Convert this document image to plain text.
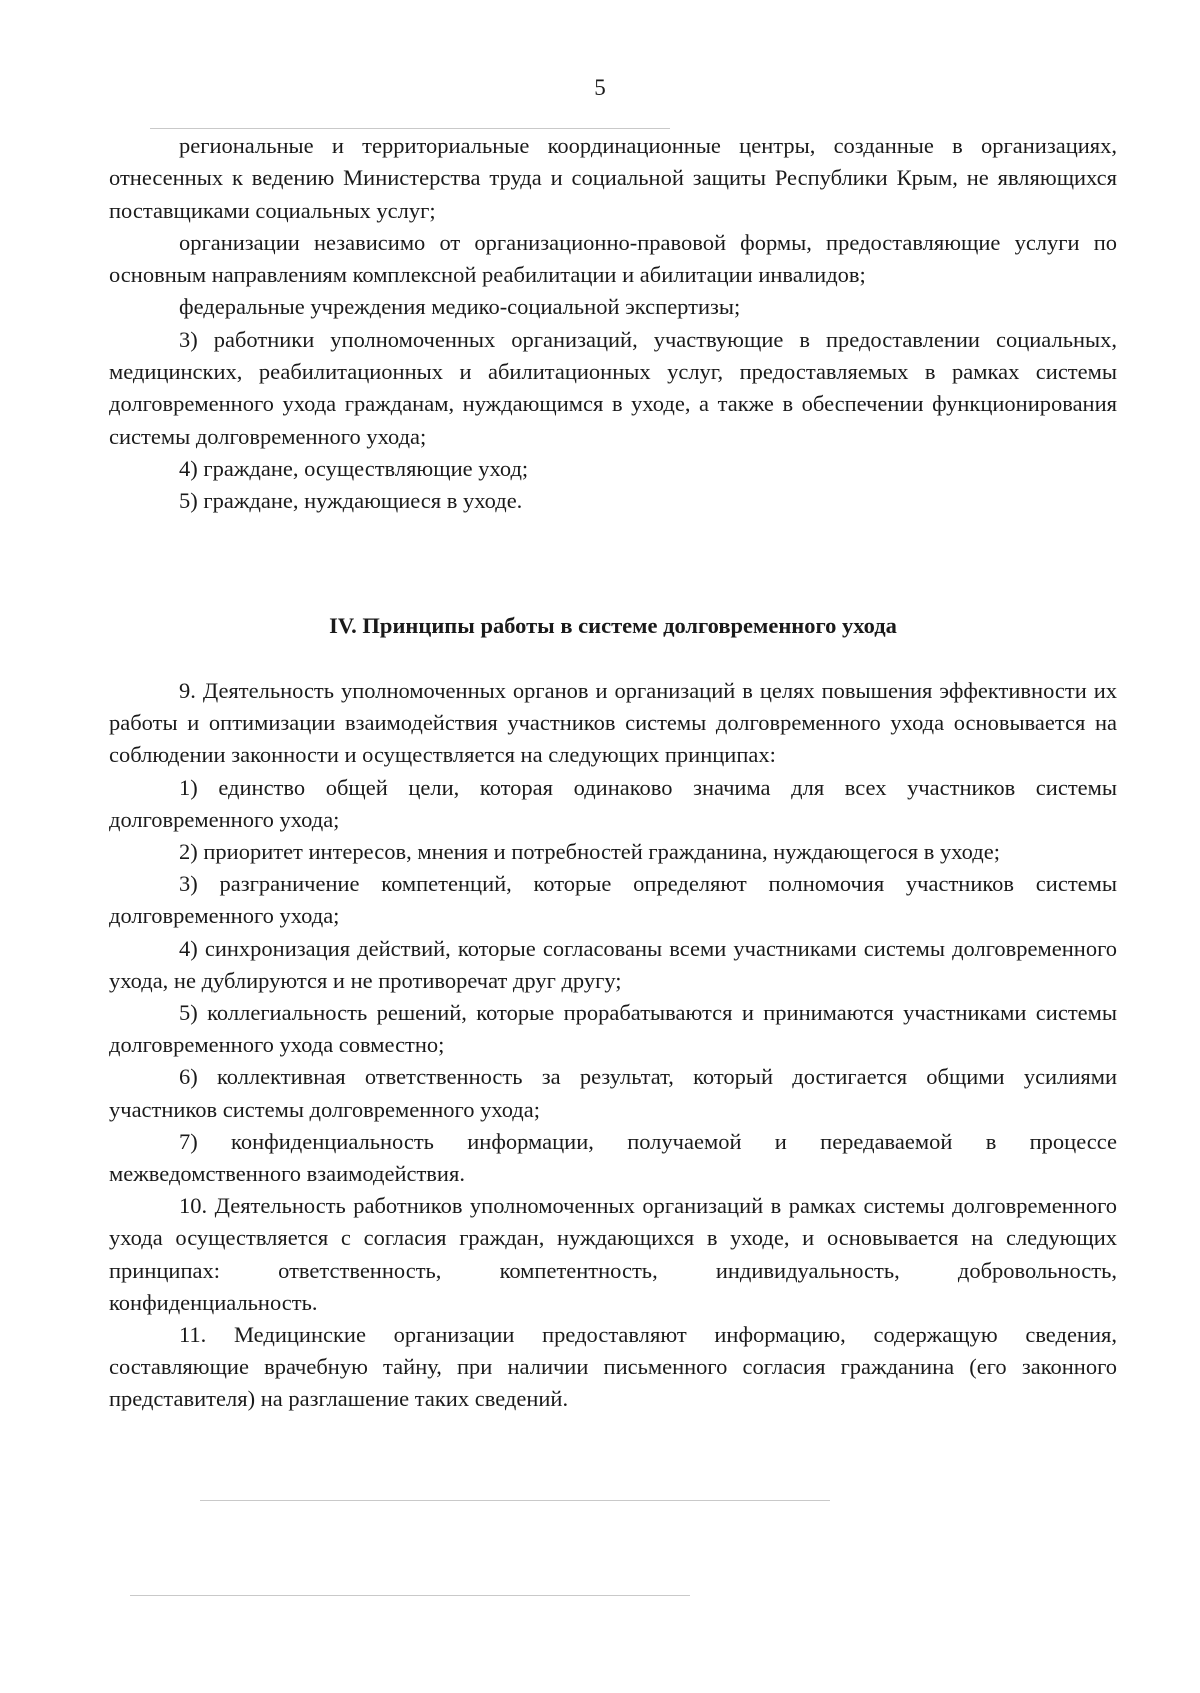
5

региональные и территориальные координационные центры, созданные в организациях, отнесенных к ведению Министерства труда и социальной защиты Республики Крым, не являющихся поставщиками социальных услуг;

организации независимо от организационно-правовой формы, предоставляющие услуги по основным направлениям комплексной реабилитации и абилитации инвалидов;

федеральные учреждения медико-социальной экспертизы;

3) работники уполномоченных организаций, участвующие в предоставлении социальных, медицинских, реабилитационных и абилитационных услуг, предоставляемых в рамках системы долговременного ухода гражданам, нуждающимся в уходе, а также в обеспечении функционирования системы долговременного ухода;

4) граждане, осуществляющие уход;

5) граждане, нуждающиеся в уходе.

IV. Принципы работы в системе долговременного ухода

9. Деятельность уполномоченных органов и организаций в целях повышения эффективности их работы и оптимизации взаимодействия участников системы долговременного ухода основывается на соблюдении законности и осуществляется на следующих принципах:

1) единство общей цели, которая одинаково значима для всех участников системы долговременного ухода;

2) приоритет интересов, мнения и потребностей гражданина, нуждающегося в уходе;

3) разграничение компетенций, которые определяют полномочия участников системы долговременного ухода;

4) синхронизация действий, которые согласованы всеми участниками системы долговременного ухода, не дублируются и не противоречат друг другу;

5) коллегиальность решений, которые прорабатываются и принимаются участниками системы долговременного ухода совместно;

6) коллективная ответственность за результат, который достигается общими усилиями участников системы долговременного ухода;

7) конфиденциальность информации, получаемой и передаваемой в процессе межведомственного взаимодействия.

10. Деятельность работников уполномоченных организаций в рамках системы долговременного ухода осуществляется с согласия граждан, нуждающихся в уходе, и основывается на следующих принципах: ответственность, компетентность, индивидуальность, добровольность, конфиденциальность.

11. Медицинские организации предоставляют информацию, содержащую сведения, составляющие врачебную тайну, при наличии письменного согласия гражданина (его законного представителя) на разглашение таких сведений.
